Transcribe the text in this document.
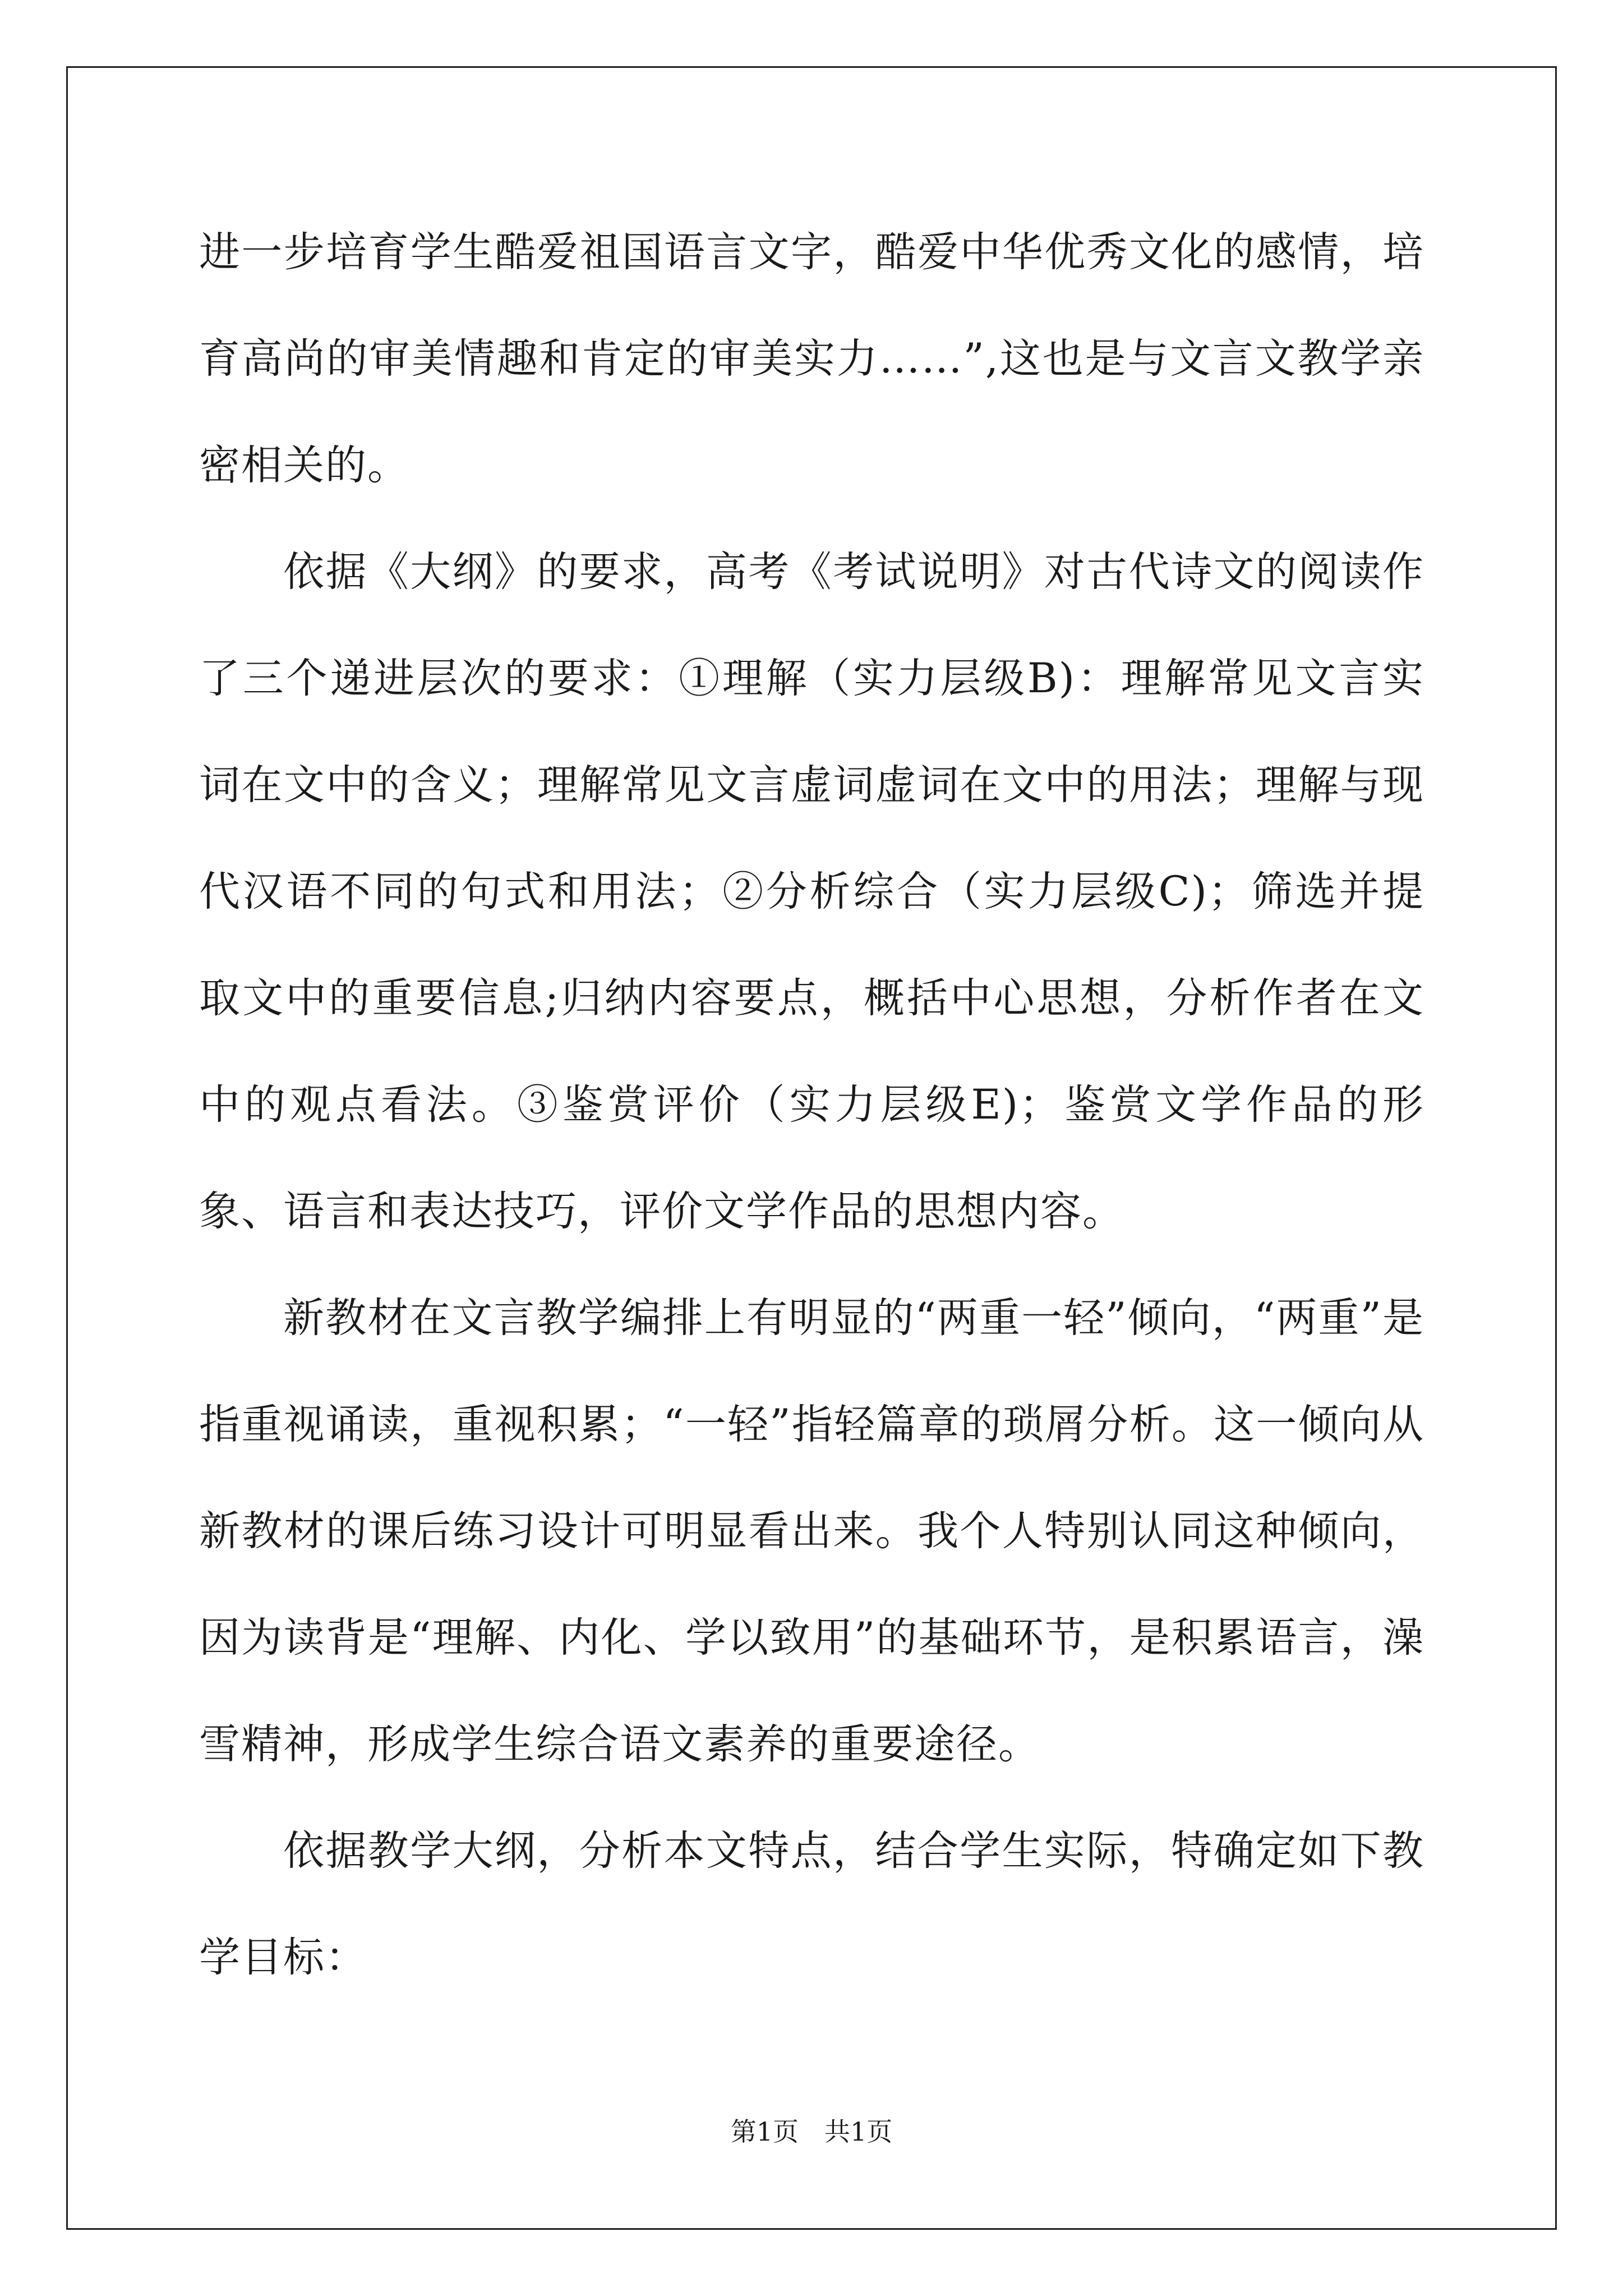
进一步培育学生酷爱祖国语言文字，酷爱中华优秀文化的感情，培育高尚的审美情趣和肯定的审美实力……”,这也是与文言文教学亲密相关的。

依据《大纲》的要求，高考《考试说明》对古代诗文的阅读作了三个递进层次的要求：①理解（实力层级B)：理解常见文言实词在文中的含义；理解常见文言虚词虚词在文中的用法；理解与现代汉语不同的句式和用法；②分析综合（实力层级C)；筛选并提取文中的重要信息;归纳内容要点，概括中心思想，分析作者在文中的观点看法。③鉴赏评价（实力层级E)；鉴赏文学作品的形象、语言和表达技巧，评价文学作品的思想内容。

新教材在文言教学编排上有明显的“两重一轻”倾向，“两重”是指重视诵读，重视积累；“一轻”指轻篇章的琐屑分析。这一倾向从新教材的课后练习设计可明显看出来。我个人特别认同这种倾向，因为读背是“理解、内化、学以致用”的基础环节，是积累语言，澡雪精神，形成学生综合语文素养的重要途径。

依据教学大纲，分析本文特点，结合学生实际，特确定如下教学目标：

第1页 共1页
